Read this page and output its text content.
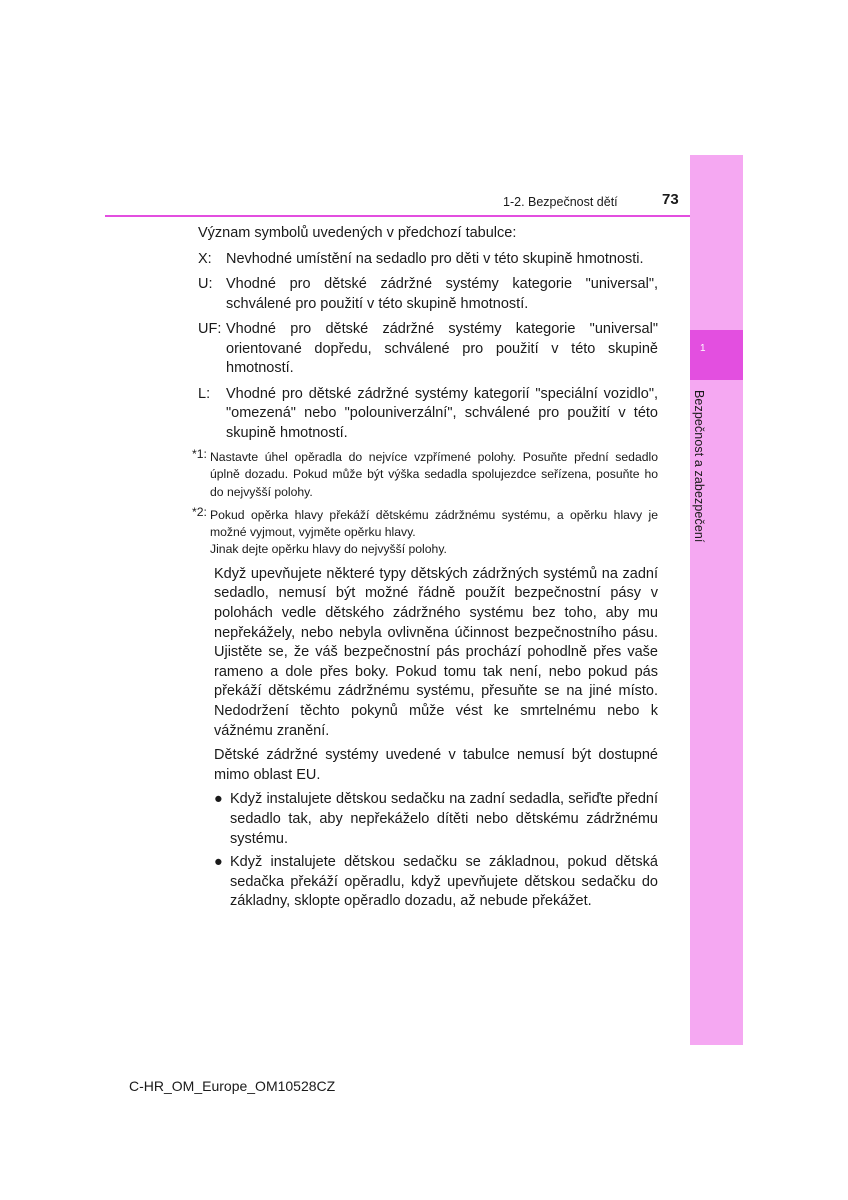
1
Bezpečnost a zabezpečení
1-2. Bezpečnost dětí	73

Význam symbolů uvedených v předchozí tabulce:

X: Nevhodné umístění na sedadlo pro děti v této skupině hmotnosti.
U: Vhodné pro dětské zádržné systémy kategorie "universal", schválené pro použití v této skupině hmotností.
UF: Vhodné pro dětské zádržné systémy kategorie "universal" orientované dopředu, schválené pro použití v této skupině hmotností.
L: Vhodné pro dětské zádržné systémy kategorií "speciální vozidlo", "omezená" nebo "polouniverzální", schválené pro použití v této skupině hmotností.
*1: Nastavte úhel opěradla do nejvíce vzpřímené polohy. Posuňte přední sedadlo úplně dozadu. Pokud může být výška sedadla spolujezdce seřízena, posuňte ho do nejvyšší polohy.
*2: Pokud opěrka hlavy překáží dětskému zádržnému systému, a opěrku hlavy je možné vyjmout, vyjměte opěrku hlavy.
Jinak dejte opěrku hlavy do nejvyšší polohy.

Když upevňujete některé typy dětských zádržných systémů na zadní sedadlo, nemusí být možné řádně použít bezpečnostní pásy v polohách vedle dětského zádržného systému bez toho, aby mu nepřekážely, nebo nebyla ovlivněna účinnost bezpečnostního pásu. Ujistěte se, že váš bezpečnostní pás prochází pohodlně přes vaše rameno a dole přes boky. Pokud tomu tak není, nebo pokud pás překáží dětskému zádržnému systému, přesuňte se na jiné místo. Nedodržení těchto pokynů může vést ke smrtelnému nebo k vážnému zranění.

Dětské zádržné systémy uvedené v tabulce nemusí být dostupné mimo oblast EU.

● Když instalujete dětskou sedačku na zadní sedadla, seřiďte přední sedadlo tak, aby nepřekáželo dítěti nebo dětskému zádržnému systému.
● Když instalujete dětskou sedačku se základnou, pokud dětská sedačka překáží opěradlu, když upevňujete dětskou sedačku do základny, sklopte opěradlo dozadu, až nebude překážet.
C-HR_OM_Europe_OM10528CZ
